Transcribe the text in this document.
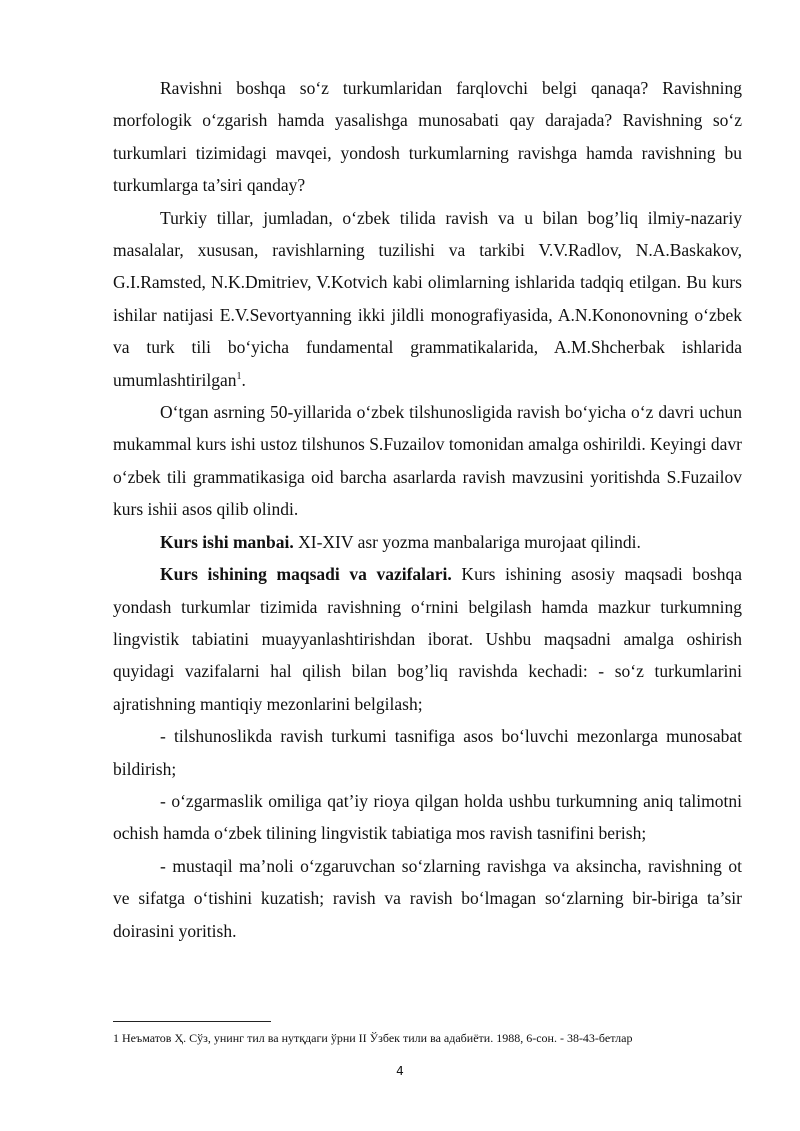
Ravishni boshqa so‘z turkumlaridan farqlovchi belgi qanaqa? Ravishning morfologik o‘zgarish hamda yasalishga munosabati qay darajada? Ravishning so‘z turkumlari tizimidagi mavqei, yondosh turkumlarning ravishga hamda ravishning bu turkumlarga ta’siri qanday?

Turkiy tillar, jumladan, o‘zbek tilida ravish va u bilan bog’liq ilmiy-nazariy masalalar, xususan, ravishlarning tuzilishi va tarkibi V.V.Radlov, N.A.Baskakov, G.I.Ramsted, N.K.Dmitriev, V.Kotvich kabi olimlarning ishlarida tadqiq etilgan. Bu kurs ishilar natijasi E.V.Sevortyanning ikki jildli monografiyasida, A.N.Kononovning o‘zbek va turk tili bo‘yicha fundamental grammatikalarida, A.M.Shcherbak ishlarida umumlashtirilgan$^1$.

O‘tgan asrning 50-yillarida o‘zbek tilshunosligida ravish bo‘yicha o‘z davri uchun mukammal kurs ishi ustoz tilshunos S.Fuzailov tomonidan amalga oshirildi. Keyingi davr o‘zbek tili grammatikasiga oid barcha asarlarda ravish mavzusini yoritishda S.Fuzailov kurs ishii asos qilib olindi.

Kurs ishi manbai. XI-XIV asr yozma manbalariga murojaat qilindi.

Kurs ishining maqsadi va vazifalari. Kurs ishining asosiy maqsadi boshqa yondash turkumlar tizimida ravishning o‘rnini belgilash hamda mazkur turkumning lingvistik tabiatini muayyanlashtirishdan iborat. Ushbu maqsadni amalga oshirish quyidagi vazifalarni hal qilish bilan bog’liq ravishda kechadi: - so‘z turkumlarini ajratishning mantiqiy mezonlarini belgilash;

- tilshunoslikda ravish turkumi tasnifiga asos bo‘luvchi mezonlarga munosabat bildirish;

- o‘zgarmaslik omiliga qat’iy rioya qilgan holda ushbu turkumning aniq talimotni ochish hamda o‘zbek tilining lingvistik tabiatiga mos ravish tasnifini berish;

- mustaqil ma’noli o‘zgaruvchan so‘zlarning ravishga va aksincha, ravishning ot ve sifatga o‘tishini kuzatish; ravish va ravish bo‘lmagan so‘zlarning bir-biriga ta’sir doirasini yoritish.

1 Неъматов Ҳ. Сўз, унинг тил ва нутқдаги ўрни II Ўзбек тили ва адабиёти. 1988, 6-сон. - 38-43-бетлар
4
